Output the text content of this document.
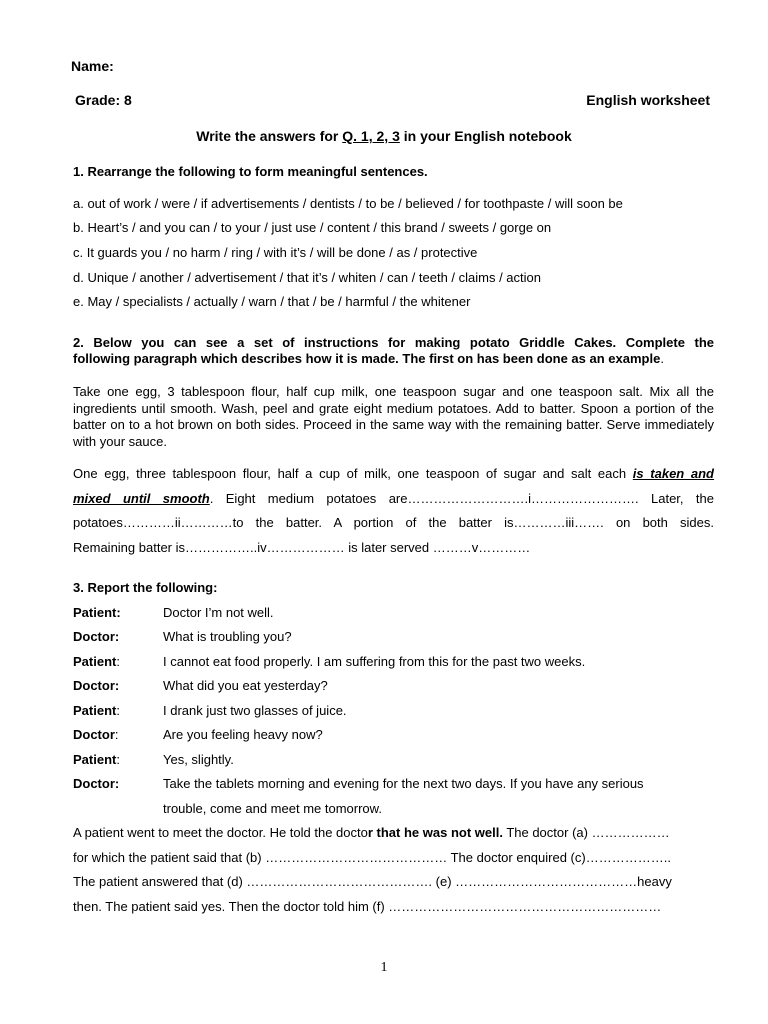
Name:
Grade: 8	English worksheet
Write the answers for Q. 1, 2, 3 in your English notebook
1. Rearrange the following to form meaningful sentences.
a. out of work / were / if advertisements / dentists / to be / believed / for toothpaste / will soon be
b. Heart’s / and you can / to your / just use / content / this brand / sweets / gorge on
c. It guards you / no harm / ring / with it’s / will be done / as / protective
d. Unique / another / advertisement / that it’s / whiten / can / teeth / claims / action
e. May / specialists / actually / warn / that / be / harmful / the whitener
2. Below you can see a set of instructions for making potato Griddle Cakes. Complete the
following paragraph which describes how it is made. The first on has been done as an example.
Take one egg, 3 tablespoon flour, half cup milk, one teaspoon sugar and one teaspoon salt. Mix all the ingredients until smooth. Wash, peel and grate eight medium potatoes. Add to batter. Spoon a portion of the batter on to a hot brown on both sides. Proceed in the same way with the remaining batter. Serve immediately with your sauce.
One egg, three tablespoon flour, half a cup of milk, one teaspoon of sugar and salt each is taken and
mixed until smooth. Eight medium potatoes are……………………….i……………………. Later, the
potatoes…………ii…………to the batter. A portion of the batter is…………iii……. on both sides.
Remaining batter is……………..iv……………… is later served ………v…………
3. Report the following:
Patient:	Doctor I’m not well.
Doctor:	What is troubling you?
Patient:	I cannot eat food properly. I am suffering from this for the past two weeks.
Doctor:	What did you eat yesterday?
Patient:	I drank just two glasses of juice.
Doctor:	Are you feeling heavy now?
Patient:	Yes, slightly.
Doctor:	Take the tablets morning and evening for the next two days. If you have any serious
trouble, come and meet me tomorrow.
A patient went to meet the doctor. He told the doctor that he was not well. The doctor (a) ………………
for which the patient said that (b) …………………………………… The doctor enquired (c)………………..
The patient answered that (d) ……………………………………. (e) ……………………………………heavy
then. The patient said yes. Then the doctor told him (f) ………………………………………………………
1
